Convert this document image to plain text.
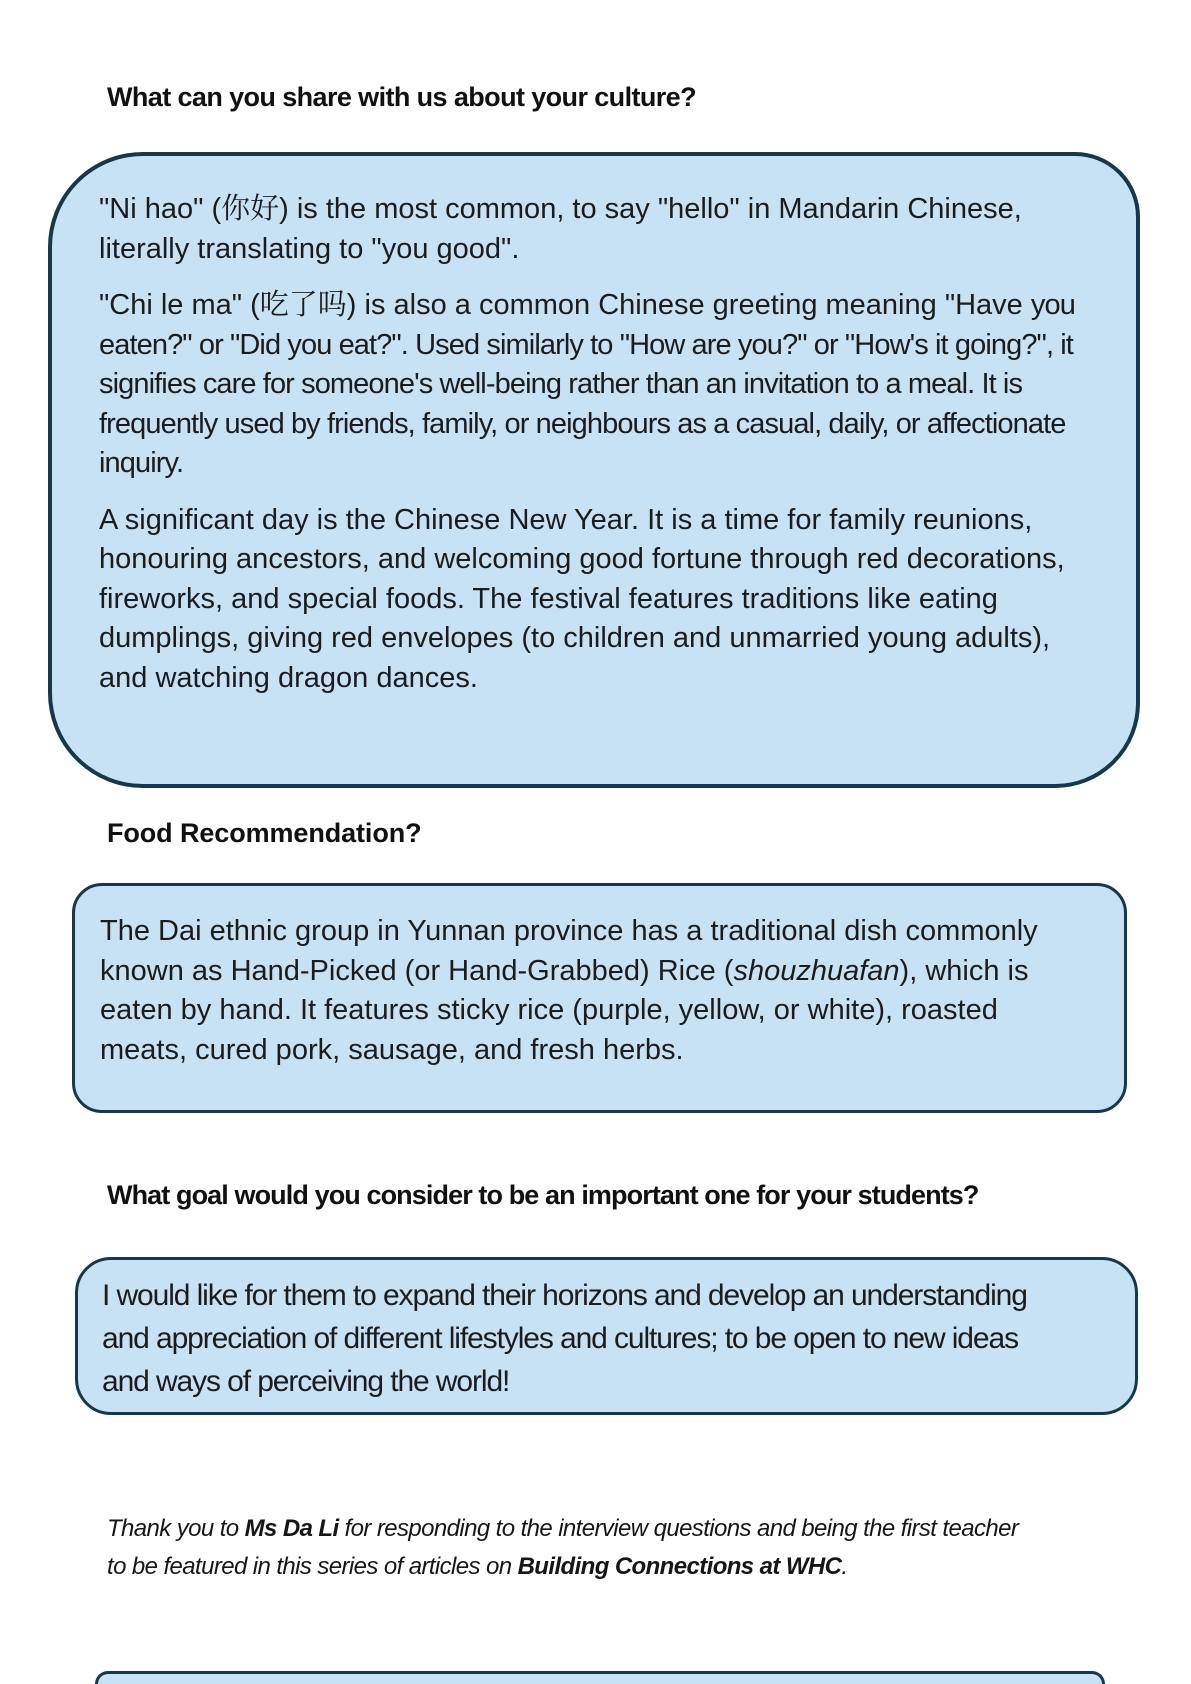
What can you share with us about your culture?

"Ni hao" (你好) is the most common, to say "hello" in Mandarin Chinese, literally translating to "you good".

"Chi le ma" (吃了吗) is also a common Chinese greeting meaning "Have you eaten?" or "Did you eat?". Used similarly to "How are you?" or "How's it going?", it signifies care for someone's well-being rather than an invitation to a meal. It is frequently used by friends, family, or neighbours as a casual, daily, or affectionate inquiry.

A significant day is the Chinese New Year. It is a time for family reunions, honouring ancestors, and welcoming good fortune through red decorations, fireworks, and special foods. The festival features traditions like eating dumplings, giving red envelopes (to children and unmarried young adults), and watching dragon dances.

Food Recommendation?

The Dai ethnic group in Yunnan province has a traditional dish commonly known as Hand-Picked (or Hand-Grabbed) Rice (shouzhuafan), which is eaten by hand. It features sticky rice (purple, yellow, or white), roasted meats, cured pork, sausage, and fresh herbs.

What goal would you consider to be an important one for your students?

I would like for them to expand their horizons and develop an understanding and appreciation of different lifestyles and cultures; to be open to new ideas and ways of perceiving the world!

Thank you to Ms Da Li for responding to the interview questions and being the first teacher to be featured in this series of articles on Building Connections at WHC.
